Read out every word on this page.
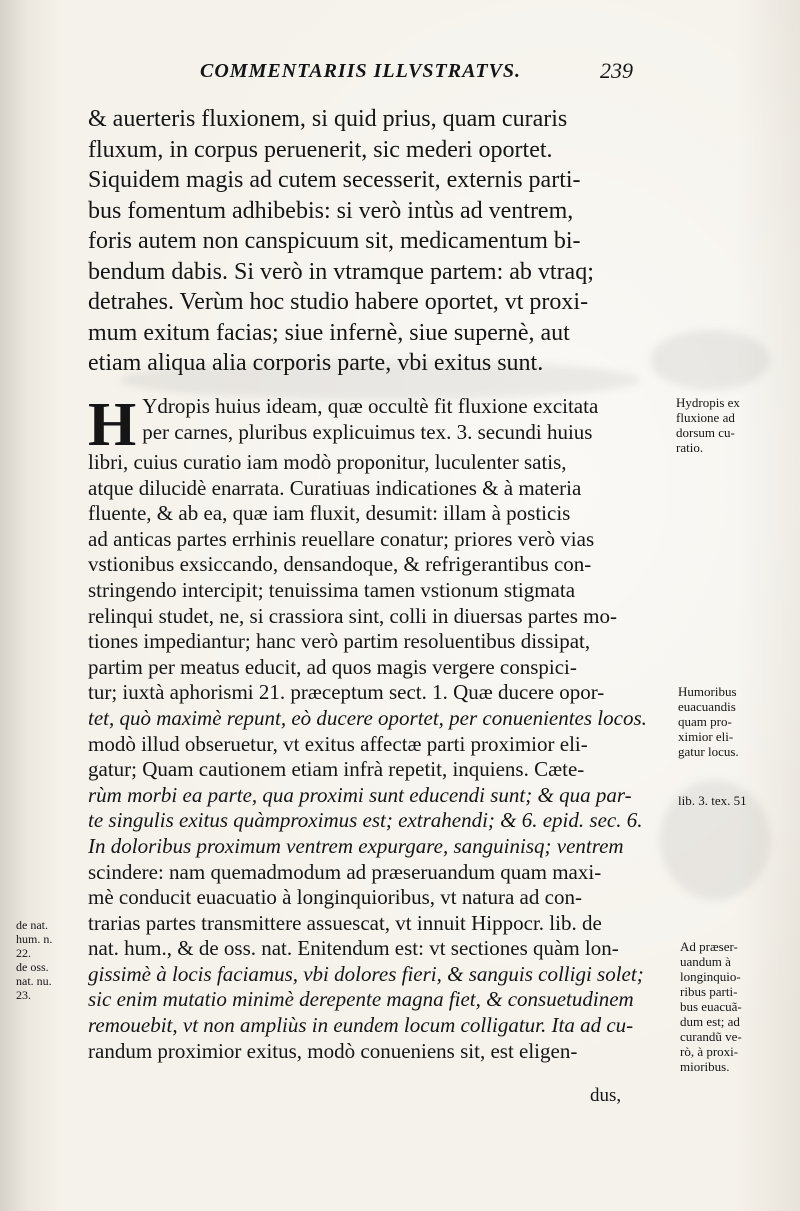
COMMENTARIIS ILLVSTRATVS.	239
& auerteris fluxionem, si quid prius, quam curaris
fluxum, in corpus peruenerit, sic mederi oportet.
Siquidem magis ad cutem secesserit, externis parti-
bus fomentum adhibebis: si verò intùs ad ventrem,
foris autem non canspicuum sit, medicamentum bi-
bendum dabis. Si verò in vtramque partem: ab vtraq;
detrahes. Verùm hoc studio habere oportet, vt proxi-
mum exitum facias; siue infernè, siue supernè, aut
etiam aliqua alia corporis parte, vbi exitus sunt.
H Ydropis huius ideam, quæ occultè fit fluxione excitata
per carnes, pluribus explicuimus tex. 3. secundi huius
libri, cuius curatio iam modò proponitur, luculenter satis,
atque dilucidè enarrata. Curatiuas indicationes & à materia
fluente, & ab ea, quæ iam fluxit, desumit: illam à posticis
ad anticas partes errhinis reuellare conatur; priores verò vias
vstionibus exsiccando, densandoque, & refrigerantibus con-
stringendo intercipit; tenuissima tamen vstionum stigmata
relinqui studet, ne, si crassiora sint, colli in diuersas partes mo-
tiones impediantur; hanc verò partim resoluentibus dissipat,
partim per meatus educit, ad quos magis vergere conspici-
tur; iuxtà aphorismi 21. præceptum sect. 1. Quæ ducere opor-
tet, quò maximè repunt, eò ducere oportet, per conuenientes locos.
modò illud obseruetur, vt exitus affectæ parti proximior eli-
gatur; Quam cautionem etiam infrà repetit, inquiens. Cæte-
rùm morbi ea parte, qua proximi sunt educendi sunt; & qua par-
te singulis exitus quàmproximus est; extrahendi; & 6. epid. sec. 6.
In doloribus proximum ventrem expurgare, sanguinisq; ventrem
scindere: nam quemadmodum ad præseruandum quam maxi-
mè conducit euacuatio à longinquioribus, vt natura ad con-
trarias partes transmittere assuescat, vt innuit Hippocr. lib. de
nat. hum., & de oss. nat. Enitendum est: vt sectiones quàm lon-
gissimè à locis faciamus, vbi dolores fieri, & sanguis colligi solet;
sic enim mutatio minimè derepente magna fiet, & consuetudinem
remouebit, vt non ampliùs in eundem locum colligatur. Ita ad cu-
randum proximior exitus, modò conueniens sit, est eligen-
dus,
Hydropis ex
fluxione ad
dorsum cu-
ratio.
Humoribus
euacuandis
quam pro-
ximior eli-
gatur locus.
lib. 3. tex. 51
Ad præser-
uandum à
longinquio-
ribus parti-
bus euacuã-
dum est; ad
curandũ ve-
rò, à proxi-
mioribus.
de nat.
hum. n.
22.
de oss.
nat. nu.
23.
